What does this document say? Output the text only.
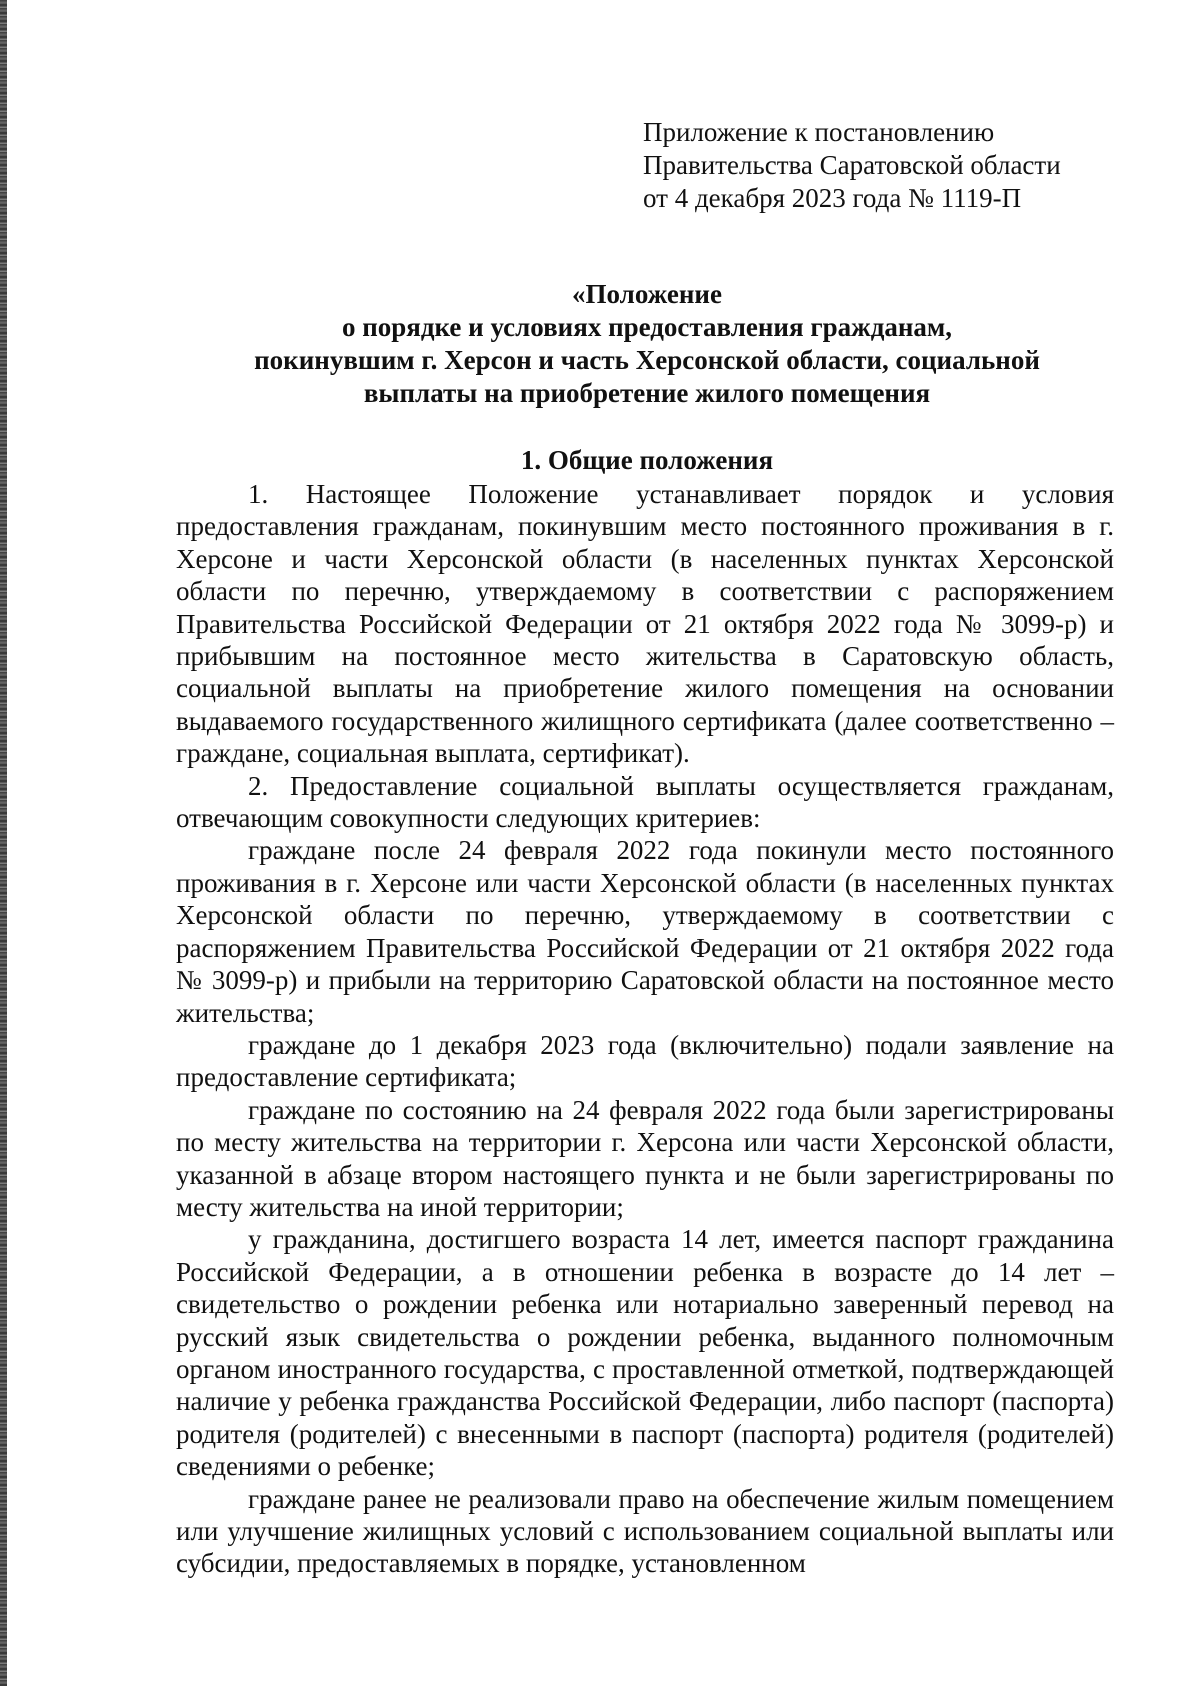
Приложение к постановлению
Правительства Саратовской области
от 4 декабря 2023 года № 1119-П
«Положение
о порядке и условиях предоставления гражданам,
покинувшим г. Херсон и часть Херсонской области, социальной
выплаты на приобретение жилого помещения
1. Общие положения

1. Настоящее Положение устанавливает порядок и условия предоставления гражданам, покинувшим место постоянного проживания в г. Херсоне и части Херсонской области (в населенных пунктах Херсонской области по перечню, утверждаемому в соответствии с распоряжением Правительства Российской Федерации от 21 октября 2022 года № 3099-р) и прибывшим на постоянное место жительства в Саратовскую область, социальной выплаты на приобретение жилого помещения на основании выдаваемого государственного жилищного сертификата (далее соответственно – граждане, социальная выплата, сертификат).

2. Предоставление социальной выплаты осуществляется гражданам, отвечающим совокупности следующих критериев:

граждане после 24 февраля 2022 года покинули место постоянного проживания в г. Херсоне или части Херсонской области (в населенных пунктах Херсонской области по перечню, утверждаемому в соответствии с распоряжением Правительства Российской Федерации от 21 октября 2022 года № 3099-р) и прибыли на территорию Саратовской области на постоянное место жительства;

граждане до 1 декабря 2023 года (включительно) подали заявление на предоставление сертификата;

граждане по состоянию на 24 февраля 2022 года были зарегистрированы по месту жительства на территории г. Херсона или части Херсонской области, указанной в абзаце втором настоящего пункта и не были зарегистрированы по месту жительства на иной территории;

у гражданина, достигшего возраста 14 лет, имеется паспорт гражданина Российской Федерации, а в отношении ребенка в возрасте до 14 лет – свидетельство о рождении ребенка или нотариально заверенный перевод на русский язык свидетельства о рождении ребенка, выданного полномочным органом иностранного государства, с проставленной отметкой, подтверждающей наличие у ребенка гражданства Российской Федерации, либо паспорт (паспорта) родителя (родителей) с внесенными в паспорт (паспорта) родителя (родителей) сведениями о ребенке;

граждане ранее не реализовали право на обеспечение жилым помещением или улучшение жилищных условий с использованием социальной выплаты или субсидии, предоставляемых в порядке, установленном
